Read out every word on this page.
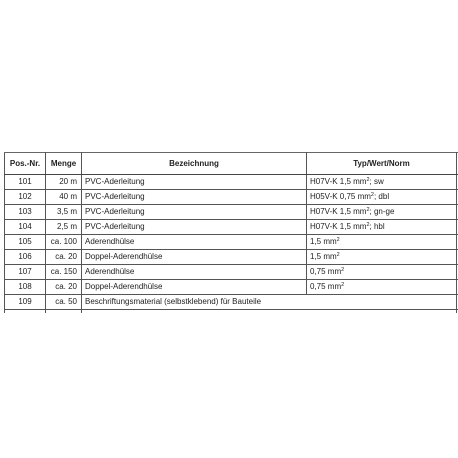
Pos.-Nr.	Menge	Bezeichnung	Typ/Wert/Norm	
101	20 m	PVC-Aderleitung	H07V-K 1,5 $mm^2$; sw	
102	40 m	PVC-Aderleitung	H05V-K 0,75 $mm^2$; dbl	
103	3,5 m	PVC-Aderleitung	H07V-K 1,5 $mm^2$; gn-ge	
104	2,5 m	PVC-Aderleitung	H07V-K 1,5 $mm^2$; hbl	
105	ca. 100	Aderendhülse	1,5 $mm^2$	
106	ca. 20	Doppel-Aderendhülse	1,5 $mm^2$	
107	ca. 150	Aderendhülse	0,75 $mm^2$	
108	ca. 20	Doppel-Aderendhülse	0,75 $mm^2$	
109	ca. 50	Beschriftungsmaterial (selbstklebend) für Bauteile		
